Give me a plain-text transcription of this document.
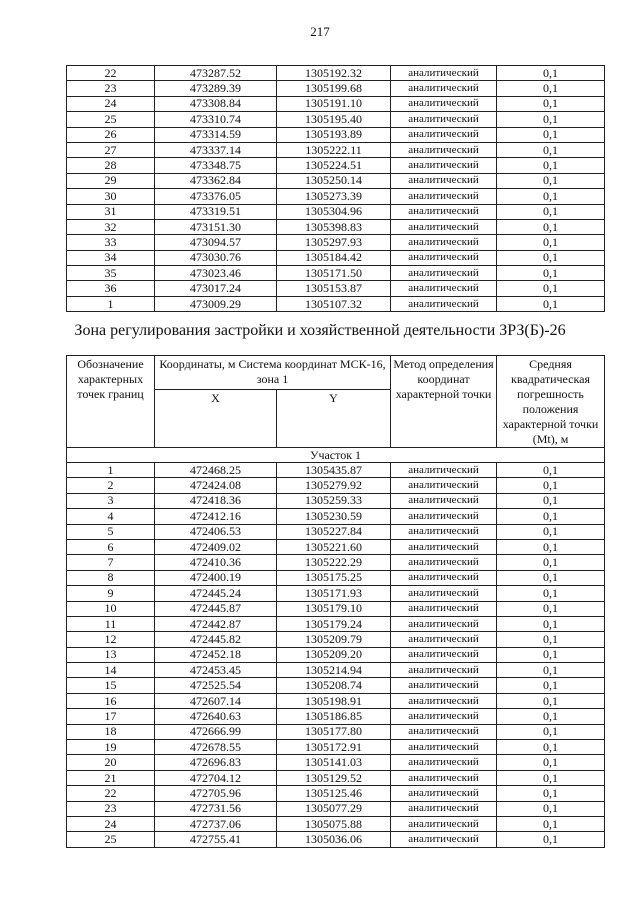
217
22	473287.52	1305192.32	аналитический	0,1
23	473289.39	1305199.68	аналитический	0,1
24	473308.84	1305191.10	аналитический	0,1
25	473310.74	1305195.40	аналитический	0,1
26	473314.59	1305193.89	аналитический	0,1
27	473337.14	1305222.11	аналитический	0,1
28	473348.75	1305224.51	аналитический	0,1
29	473362.84	1305250.14	аналитический	0,1
30	473376.05	1305273.39	аналитический	0,1
31	473319.51	1305304.96	аналитический	0,1
32	473151.30	1305398.83	аналитический	0,1
33	473094.57	1305297.93	аналитический	0,1
34	473030.76	1305184.42	аналитический	0,1
35	473023.46	1305171.50	аналитический	0,1
36	473017.24	1305153.87	аналитический	0,1
1	473009.29	1305107.32	аналитический	0,1
Зона регулирования застройки и хозяйственной деятельности ЗРЗ(Б)-26
Обозначение характерных точек границ	Координаты, м Система координат МСК-16, зона 1		Метод определения координат характерной точки	Средняя квадратическая погрешность положения характерной точки (Mt), м
	X	Y		
Участок 1				
1	472468.25	1305435.87	аналитический	0,1
2	472424.08	1305279.92	аналитический	0,1
3	472418.36	1305259.33	аналитический	0,1
4	472412.16	1305230.59	аналитический	0,1
5	472406.53	1305227.84	аналитический	0,1
6	472409.02	1305221.60	аналитический	0,1
7	472410.36	1305222.29	аналитический	0,1
8	472400.19	1305175.25	аналитический	0,1
9	472445.24	1305171.93	аналитический	0,1
10	472445.87	1305179.10	аналитический	0,1
11	472442.87	1305179.24	аналитический	0,1
12	472445.82	1305209.79	аналитический	0,1
13	472452.18	1305209.20	аналитический	0,1
14	472453.45	1305214.94	аналитический	0,1
15	472525.54	1305208.74	аналитический	0,1
16	472607.14	1305198.91	аналитический	0,1
17	472640.63	1305186.85	аналитический	0,1
18	472666.99	1305177.80	аналитический	0,1
19	472678.55	1305172.91	аналитический	0,1
20	472696.83	1305141.03	аналитический	0,1
21	472704.12	1305129.52	аналитический	0,1
22	472705.96	1305125.46	аналитический	0,1
23	472731.56	1305077.29	аналитический	0,1
24	472737.06	1305075.88	аналитический	0,1
25	472755.41	1305036.06	аналитический	0,1
